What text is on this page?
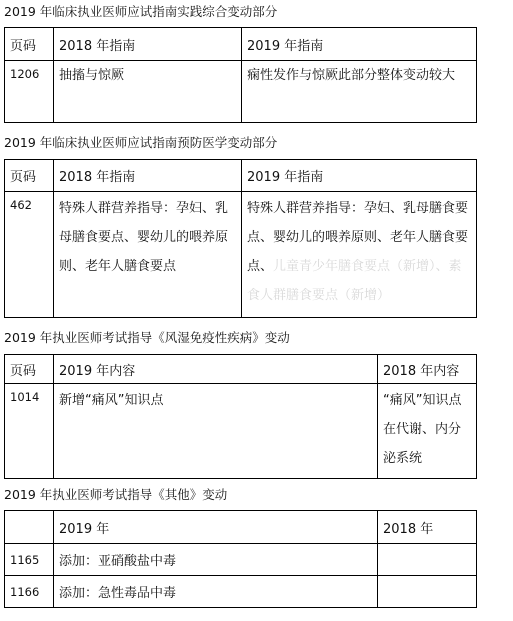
2019 年临床执业医师应试指南实践综合变动部分
页码	2018 年指南	2019 年指南
1206	抽搐与惊厥	痫性发作与惊厥此部分整体变动较大
2019 年临床执业医师应试指南预防医学变动部分
页码	2018 年指南	2019 年指南
462	特殊人群营养指导：孕妇、乳母膳食要点、婴幼儿的喂养原则、老年人膳食要点	特殊人群营养指导：孕妇、乳母膳食要点、婴幼儿的喂养原则、老年人膳食要点、儿童青少年膳食要点（新增）、素食人群膳食要点（新增）
2019 年执业医师考试指导《风湿免疫性疾病》变动
页码	2019 年内容	2018 年内容
1014	新增“痛风”知识点	“痛风”知识点在代谢、内分泌系统
2019 年执业医师考试指导《其他》变动
	2019 年	2018 年
1165	添加：亚硝酸盐中毒	
1166	添加：急性毒品中毒	
